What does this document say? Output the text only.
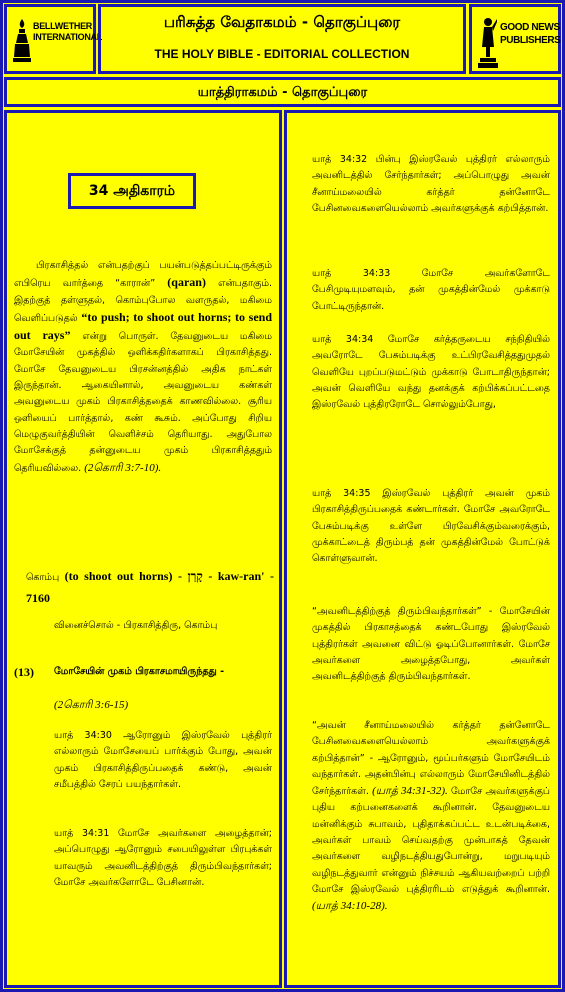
BELLWETHER INTERNATIONAL
பரிசுத்த வேதாகமம் - தொகுப்புரை
THE HOLY BIBLE - EDITORIAL COLLECTION
GOOD NEWS PUBLISHERS
யாத்திராகமம் - தொகுப்புரை
34 அதிகாரம்
பிரகாசித்தல் என்பதற்குப் பயன்படுத்தப்பட்டிருக்கும் எபிரெய வார்த்தை “காரான்” (qaran) என்பதாகும். இதற்குத் தள்ளுதல், கொம்புபோல வளருதல், மகிமை வெளிப்படுதல் “to push; to shoot out horns; to send out rays” என்று பொருள். தேவனுடைய மகிமை மோசேயின் முகத்தில் ஒளிக்கதிர்களாகப் பிரகாசித்தது. மோசே தேவனுடைய பிரசன்னத்தில் அதிக நாட்கள் இருந்தான். ஆகையினால், அவனுடைய கண்கள் அவனுடைய முகம் பிரகாசித்ததைக் காணவில்லை. சூரிய ஒளியைப் பார்த்தால், கண் கூசும். அப்போது சிறிய மெழுகுவர்த்தியின் வெளிச்சம் தெரியாது. அதுபோல மோசேக்குத் தன்னுடைய முகம் பிரகாசித்ததும் தெரியவில்லை. (2கொரி 3:7-10).
கொம்பு (to shoot out horns) - קָרַן - kaw-ran' - 7160
வினைச்சொல் - பிரகாசித்திரு, கொம்பு
(13) மோசேயின் முகம் பிரகாசமாயிருந்தது -
(2கொரி 3:6-15)
யாத் 34:30 ஆரோனும் இஸ்ரவேல் புத்திரர் எல்லாரும் மோசேயைப் பார்க்கும் போது, அவன் முகம் பிரகாசித்திருப்பதைக் கண்டு, அவன் சமீபத்தில் சேரப் பயந்தார்கள்.
யாத் 34:31 மோசே அவர்களை அழைத்தான்; அப்பொழுது ஆரோனும் சபையிலுள்ள பிரபுக்கள் யாவரும் அவனிடத்திற்குத் திரும்பிவந்தார்கள்; மோசே அவர்களோடே பேசினான்.
யாத் 34:32 பின்பு இஸ்ரவேல் புத்திரர் எல்லாரும் அவனிடத்தில் சேர்ந்தார்கள்; அப்பொழுது அவன் சீனாய்மலையில் கர்த்தர் தன்னோடே பேசினவைகளையெல்லாம் அவர்களுக்குக் கற்பித்தான்.
யாத் 34:33 மோசே அவர்களோடே பேசிமுடியுமளவும், தன் முகத்தின்மேல் முக்காடு போட்டிருந்தான்.
யாத் 34:34 மோசே கர்த்தருடைய சந்நிதியில் அவரோடே பேசும்படிக்கு உட்பிரவேசித்ததுமுதல் வெளியே புறப்படுமட்டும் முக்காடு போடாதிருந்தான்; அவன் வெளியே வந்து தனக்குக் கற்பிக்கப்பட்டதை இஸ்ரவேல் புத்திரரோடே சொல்லும்போது,
யாத் 34:35 இஸ்ரவேல் புத்திரர் அவன் முகம் பிரகாசித்திருப்பதைக் கண்டார்கள். மோசே அவரோடே பேசும்படிக்கு உள்ளே பிரவேசிக்கும்வரைக்கும், முக்காட்டைத் திரும்பத் தன் முகத்தின்மேல் போட்டுக் கொள்ளுவான்.
“அவனிடத்திற்குத் திரும்பிவந்தார்கள்” - மோசேயின் முகத்தில் பிரகாசத்தைக் கண்டபோது இஸ்ரவேல் புத்திரர்கள் அவனை விட்டு ஓடிப்போனார்கள். மோசே அவர்களை அழைத்தபோது, அவர்கள் அவனிடத்திற்குத் திரும்பிவந்தார்கள்.
“அவன் சீனாய்மலையில் கர்த்தர் தன்னோடே பேசினவைகளையெல்லாம் அவர்களுக்குக் கற்பித்தான்” - ஆரோனும், மூப்பர்களும் மோசேயிடம் வந்தார்கள். அதன்பின்பு எல்லாரும் மோசேயினிடத்தில் சேர்ந்தார்கள். (யாத் 34:31-32). மோசே அவர்களுக்குப் புதிய கற்பனைகளைக் கூறினான். தேவனுடைய மன்னிக்கும் சுபாவம், புதிதாக்கப்பட்ட உடன்படிக்கை, அவர்கள் பாவம் செய்வதற்கு முன்பாகத் தேவன் அவர்களை வழிநடத்தியதுபோன்று, மறுபடியும் வழிநடத்துவார் என்னும் நிச்சயம் ஆகியவற்றைப் பற்றி மோசே இஸ்ரவேல் புத்திரரிடம் எடுத்துக் கூறினான். (யாத் 34:10-28).
